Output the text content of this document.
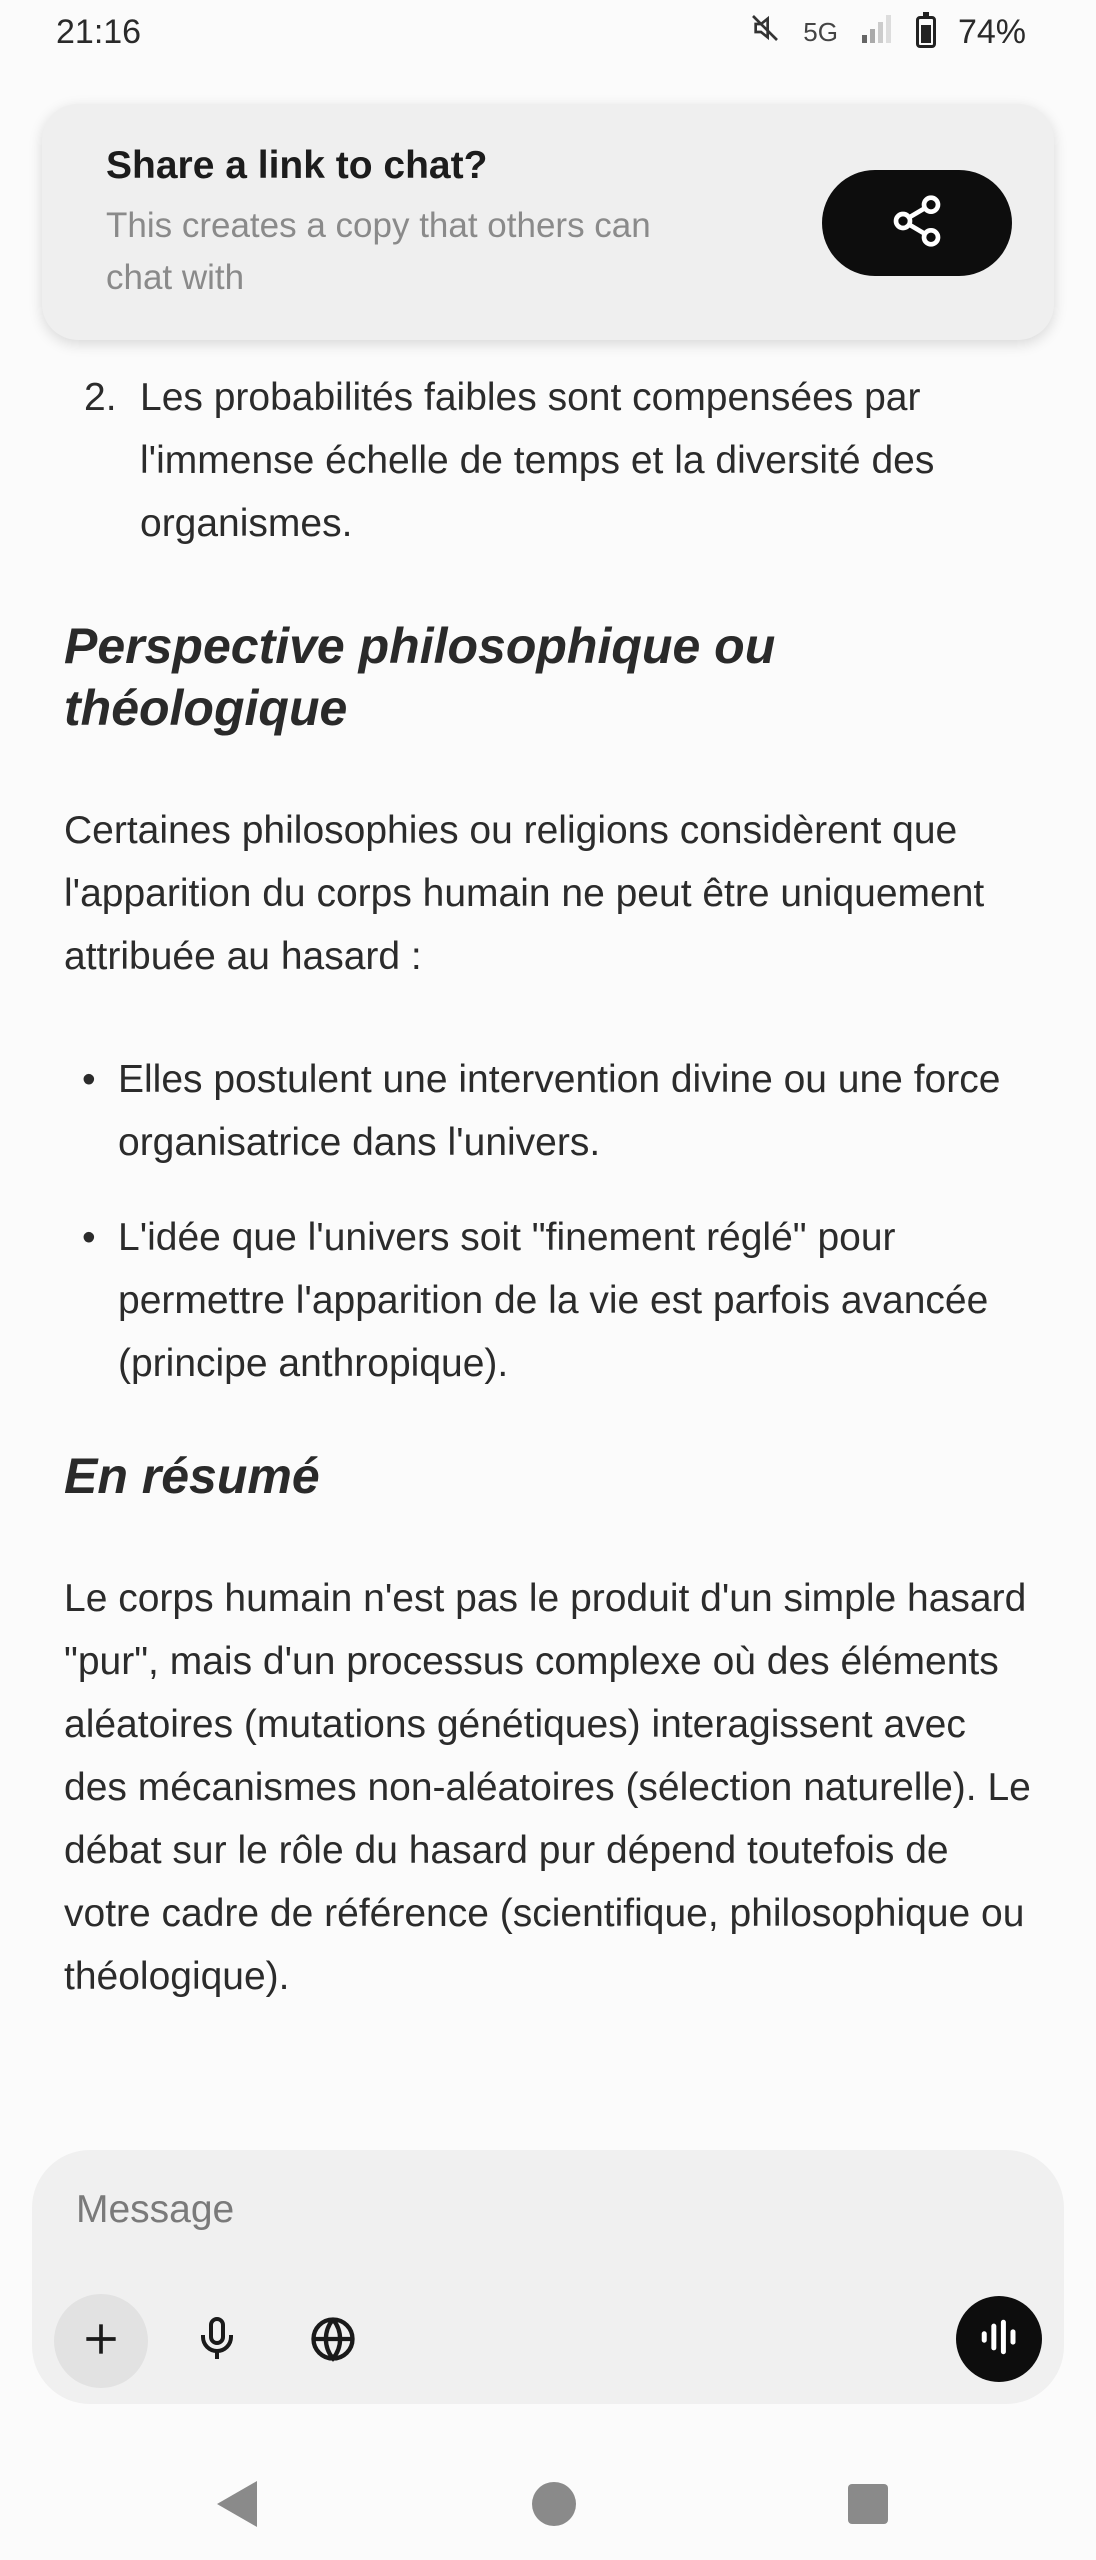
21:16	5G	74%
Share a link to chat?
This creates a copy that others can chat with
2. Les probabilités faibles sont compensées par l'immense échelle de temps et la diversité des organismes.
Perspective philosophique ou théologique

Certaines philosophies ou religions considèrent que l'apparition du corps humain ne peut être uniquement attribuée au hasard :

•
Elles postulent une intervention divine ou une force organisatrice dans l'univers.
•
L'idée que l'univers soit "finement réglé" pour permettre l'apparition de la vie est parfois avancée (principe anthropique).
En résumé

Le corps humain n'est pas le produit d'un simple hasard "pur", mais d'un processus complexe où des éléments aléatoires (mutations génétiques) interagissent avec des mécanismes non-aléatoires (sélection naturelle). Le débat sur le rôle du hasard pur dépend toutefois de votre cadre de référence (scientifique, philosophique ou théologique).

Message
